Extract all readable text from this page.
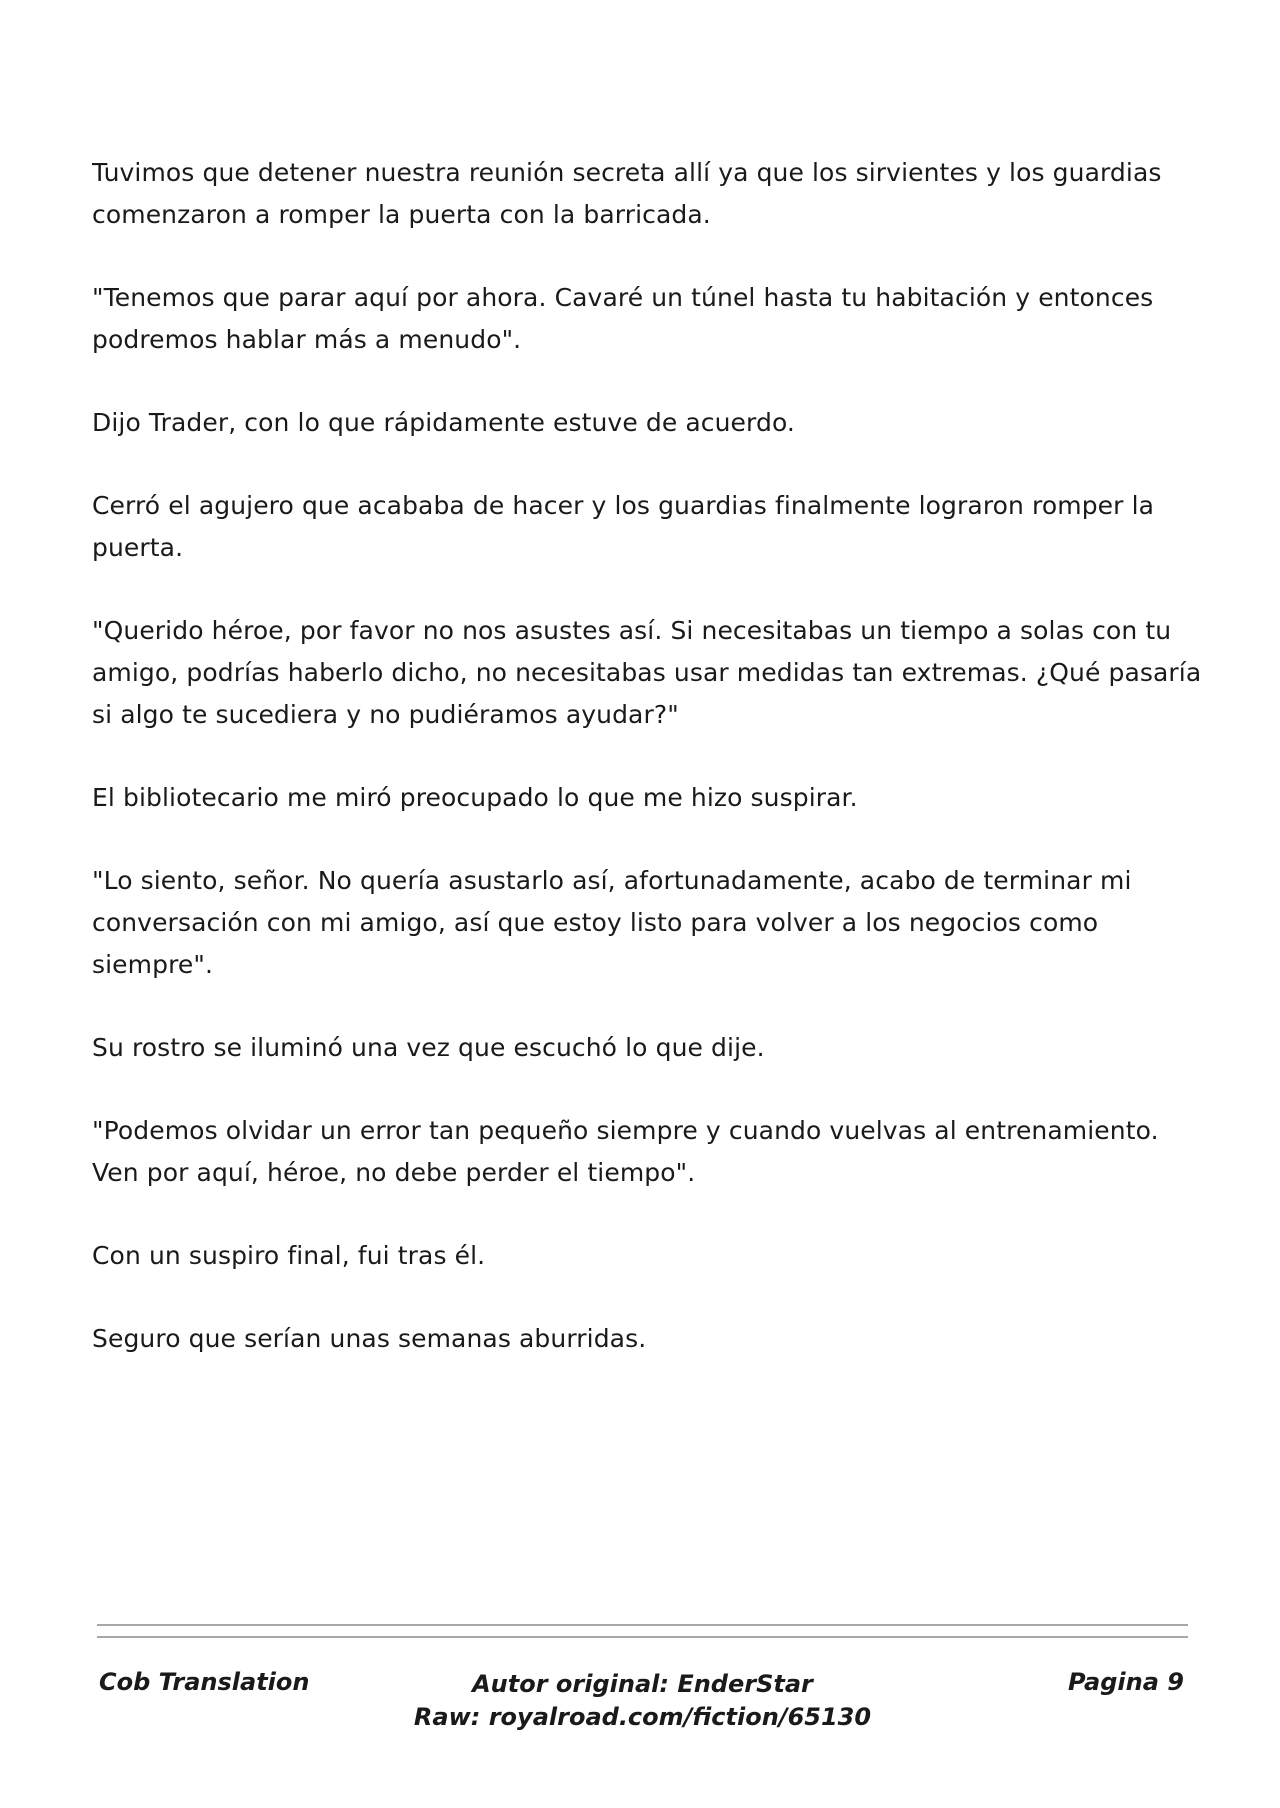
Tuvimos que detener nuestra reunión secreta allí ya que los sirvientes y los guardias comenzaron a romper la puerta con la barricada.

"Tenemos que parar aquí por ahora. Cavaré un túnel hasta tu habitación y entonces podremos hablar más a menudo".

Dijo Trader, con lo que rápidamente estuve de acuerdo.

Cerró el agujero que acababa de hacer y los guardias finalmente lograron romper la puerta.

"Querido héroe, por favor no nos asustes así. Si necesitabas un tiempo a solas con tu amigo, podrías haberlo dicho, no necesitabas usar medidas tan extremas. ¿Qué pasaría si algo te sucediera y no pudiéramos ayudar?"

El bibliotecario me miró preocupado lo que me hizo suspirar.

"Lo siento, señor. No quería asustarlo así, afortunadamente, acabo de terminar mi conversación con mi amigo, así que estoy listo para volver a los negocios como siempre".

Su rostro se iluminó una vez que escuchó lo que dije.

"Podemos olvidar un error tan pequeño siempre y cuando vuelvas al entrenamiento. Ven por aquí, héroe, no debe perder el tiempo".

Con un suspiro final, fui tras él.

Seguro que serían unas semanas aburridas.

Cob Translation	Autor original: EnderStar
Raw: royalroad.com/fiction/65130
Pagina 9
